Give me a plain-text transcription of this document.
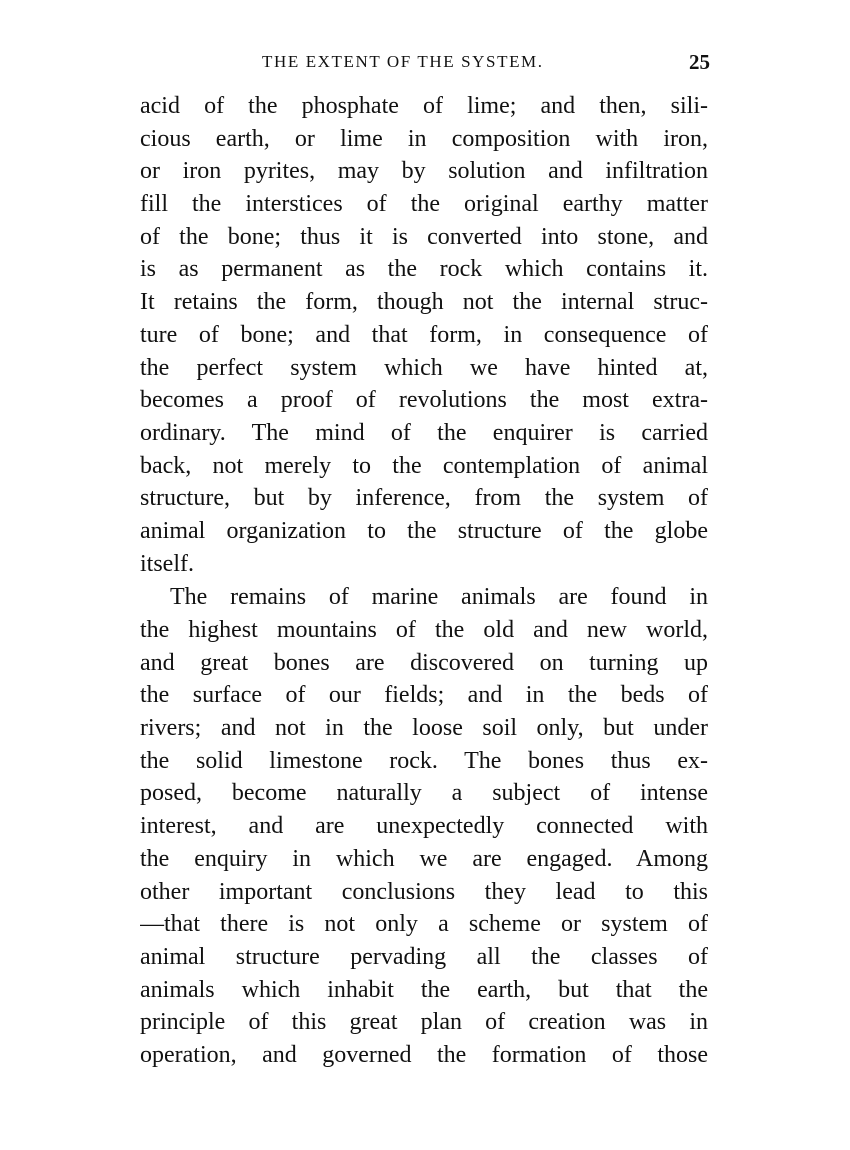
THE EXTENT OF THE SYSTEM.	25
acid of the phosphate of lime; and then, sili-
cious earth, or lime in composition with iron,
or iron pyrites, may by solution and infiltration
fill the interstices of the original earthy matter
of the bone; thus it is converted into stone, and
is as permanent as the rock which contains it.
It retains the form, though not the internal struc-
ture of bone; and that form, in consequence of
the perfect system which we have hinted at,
becomes a proof of revolutions the most extra-
ordinary. The mind of the enquirer is carried
back, not merely to the contemplation of animal
structure, but by inference, from the system of
animal organization to the structure of the globe
itself.
The remains of marine animals are found in
the highest mountains of the old and new world,
and great bones are discovered on turning up
the surface of our fields; and in the beds of
rivers; and not in the loose soil only, but under
the solid limestone rock. The bones thus ex-
posed, become naturally a subject of intense
interest, and are unexpectedly connected with
the enquiry in which we are engaged. Among
other important conclusions they lead to this
—that there is not only a scheme or system of
animal structure pervading all the classes of
animals which inhabit the earth, but that the
principle of this great plan of creation was in
operation, and governed the formation of those
